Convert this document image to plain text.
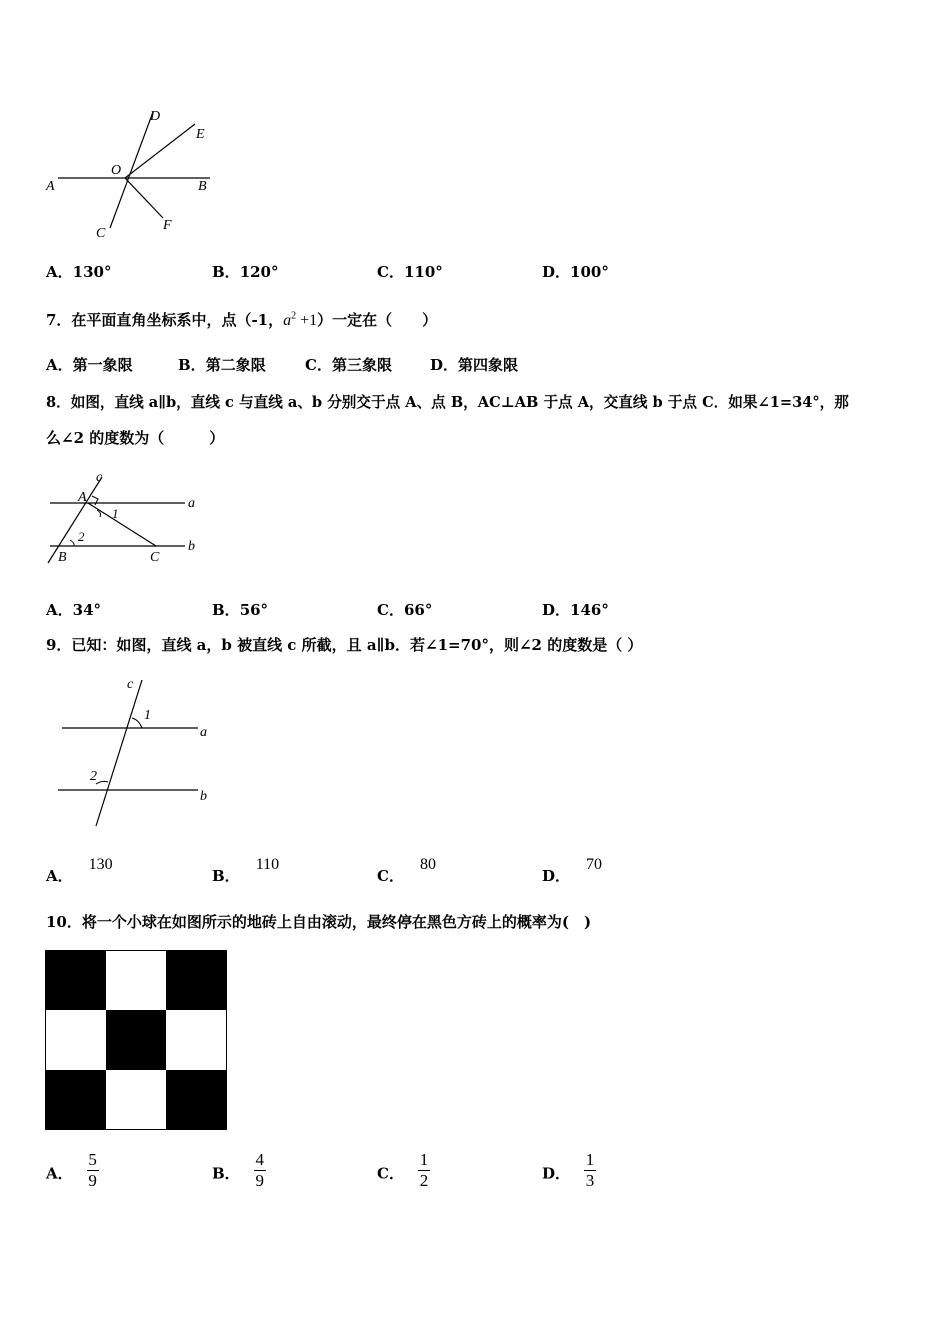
D
E
O
A	B
C
F
A．130°	B．120°	C．110°	D．100°
7．在平面直角坐标系中，点（-1，$a^2 +1$）一定在（　　）
A．第一象限	B．第二象限	C．第三象限	D．第四象限
8．如图，直线 a∥b，直线 c 与直线 a、b 分别交于点 A、点 B，AC⊥AB 于点 A，交直线 b 于点 C．如果∠1=34°，那
么∠2 的度数为（　　　）
c
A
1
a
2
B	C
b
A．34°	B．56°	C．66°	D．146°
9．已知：如图，直线 a，b 被直线 c 所截，且 a∥b．若∠1=70°，则∠2 的度数是（ ）
c
1
a
2
b
A．130
B．110
C．80
D．70
10．将一个小球在如图所示的地砖上自由滚动，最终停在黑色方砖上的概率为(　)
A． $\frac{5}{9}$	B． $\frac{4}{9}$	C． $\frac{1}{2}$	D． $\frac{1}{3}$
